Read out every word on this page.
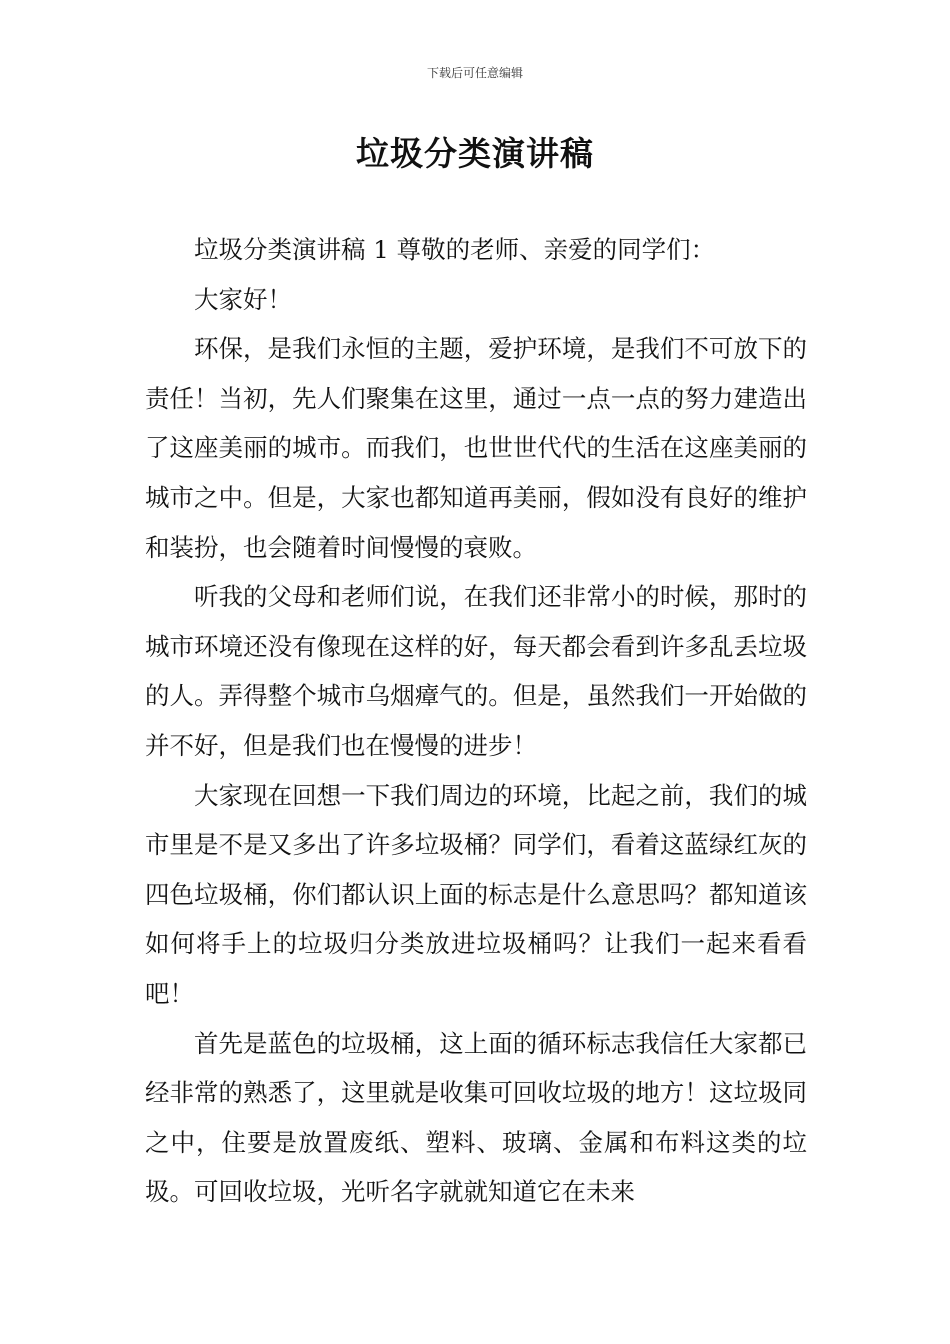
下载后可任意编辑
垃圾分类演讲稿

垃圾分类演讲稿 1 尊敬的老师、亲爱的同学们：

大家好！

环保，是我们永恒的主题，爱护环境，是我们不可放下的责任！当初，先人们聚集在这里，通过一点一点的努力建造出了这座美丽的城市。而我们，也世世代代的生活在这座美丽的城市之中。但是，大家也都知道再美丽，假如没有良好的维护和装扮，也会随着时间慢慢的衰败。

听我的父母和老师们说，在我们还非常小的时候，那时的城市环境还没有像现在这样的好，每天都会看到许多乱丢垃圾的人。弄得整个城市乌烟瘴气的。但是，虽然我们一开始做的并不好，但是我们也在慢慢的进步！

大家现在回想一下我们周边的环境，比起之前，我们的城市里是不是又多出了许多垃圾桶？同学们，看着这蓝绿红灰的四色垃圾桶，你们都认识上面的标志是什么意思吗？都知道该如何将手上的垃圾归分类放进垃圾桶吗？让我们一起来看看吧！

首先是蓝色的垃圾桶，这上面的循环标志我信任大家都已经非常的熟悉了，这里就是收集可回收垃圾的地方！这垃圾同之中，住要是放置废纸、塑料、玻璃、金属和布料这类的垃圾。可回收垃圾，光听名字就就知道它在未来
